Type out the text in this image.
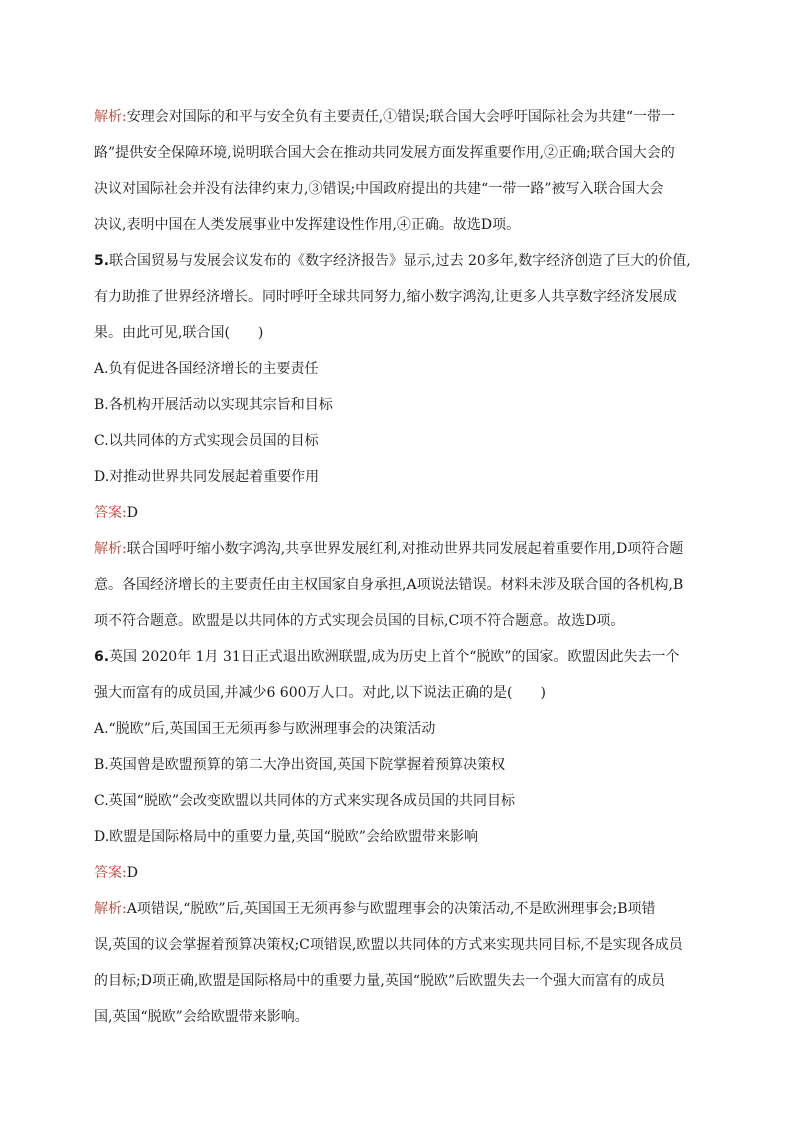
解析:安理会对国际的和平与安全负有主要责任,①错误;联合国大会呼吁国际社会为共建“一带一
路”提供安全保障环境,说明联合国大会在推动共同发展方面发挥重要作用,②正确;联合国大会的
决议对国际社会并没有法律约束力,③错误;中国政府提出的共建“一带一路”被写入联合国大会
决议,表明中国在人类发展事业中发挥建设性作用,④正确。故选D项。
5.联合国贸易与发展会议发布的《数字经济报告》显示,过去 20多年,数字经济创造了巨大的价值,
有力助推了世界经济增长。同时呼吁全球共同努力,缩小数字鸿沟,让更多人共享数字经济发展成
果。由此可见,联合国(　　)
A.负有促进各国经济增长的主要责任
B.各机构开展活动以实现其宗旨和目标
C.以共同体的方式实现会员国的目标
D.对推动世界共同发展起着重要作用
答案:D
解析:联合国呼吁缩小数字鸿沟,共享世界发展红利,对推动世界共同发展起着重要作用,D项符合题
意。各国经济增长的主要责任由主权国家自身承担,A项说法错误。材料未涉及联合国的各机构,B
项不符合题意。欧盟是以共同体的方式实现会员国的目标,C项不符合题意。故选D项。
6.英国 2020年 1月 31日正式退出欧洲联盟,成为历史上首个“脱欧”的国家。欧盟因此失去一个
强大而富有的成员国,并减少6 600万人口。对此,以下说法正确的是(　　)
A.“脱欧”后,英国国王无须再参与欧洲理事会的决策活动
B.英国曾是欧盟预算的第二大净出资国,英国下院掌握着预算决策权
C.英国“脱欧”会改变欧盟以共同体的方式来实现各成员国的共同目标
D.欧盟是国际格局中的重要力量,英国“脱欧”会给欧盟带来影响
答案:D
解析:A项错误,“脱欧”后,英国国王无须再参与欧盟理事会的决策活动,不是欧洲理事会;B项错
误,英国的议会掌握着预算决策权;C项错误,欧盟以共同体的方式来实现共同目标,不是实现各成员
的目标;D项正确,欧盟是国际格局中的重要力量,英国“脱欧”后欧盟失去一个强大而富有的成员
国,英国“脱欧”会给欧盟带来影响。
